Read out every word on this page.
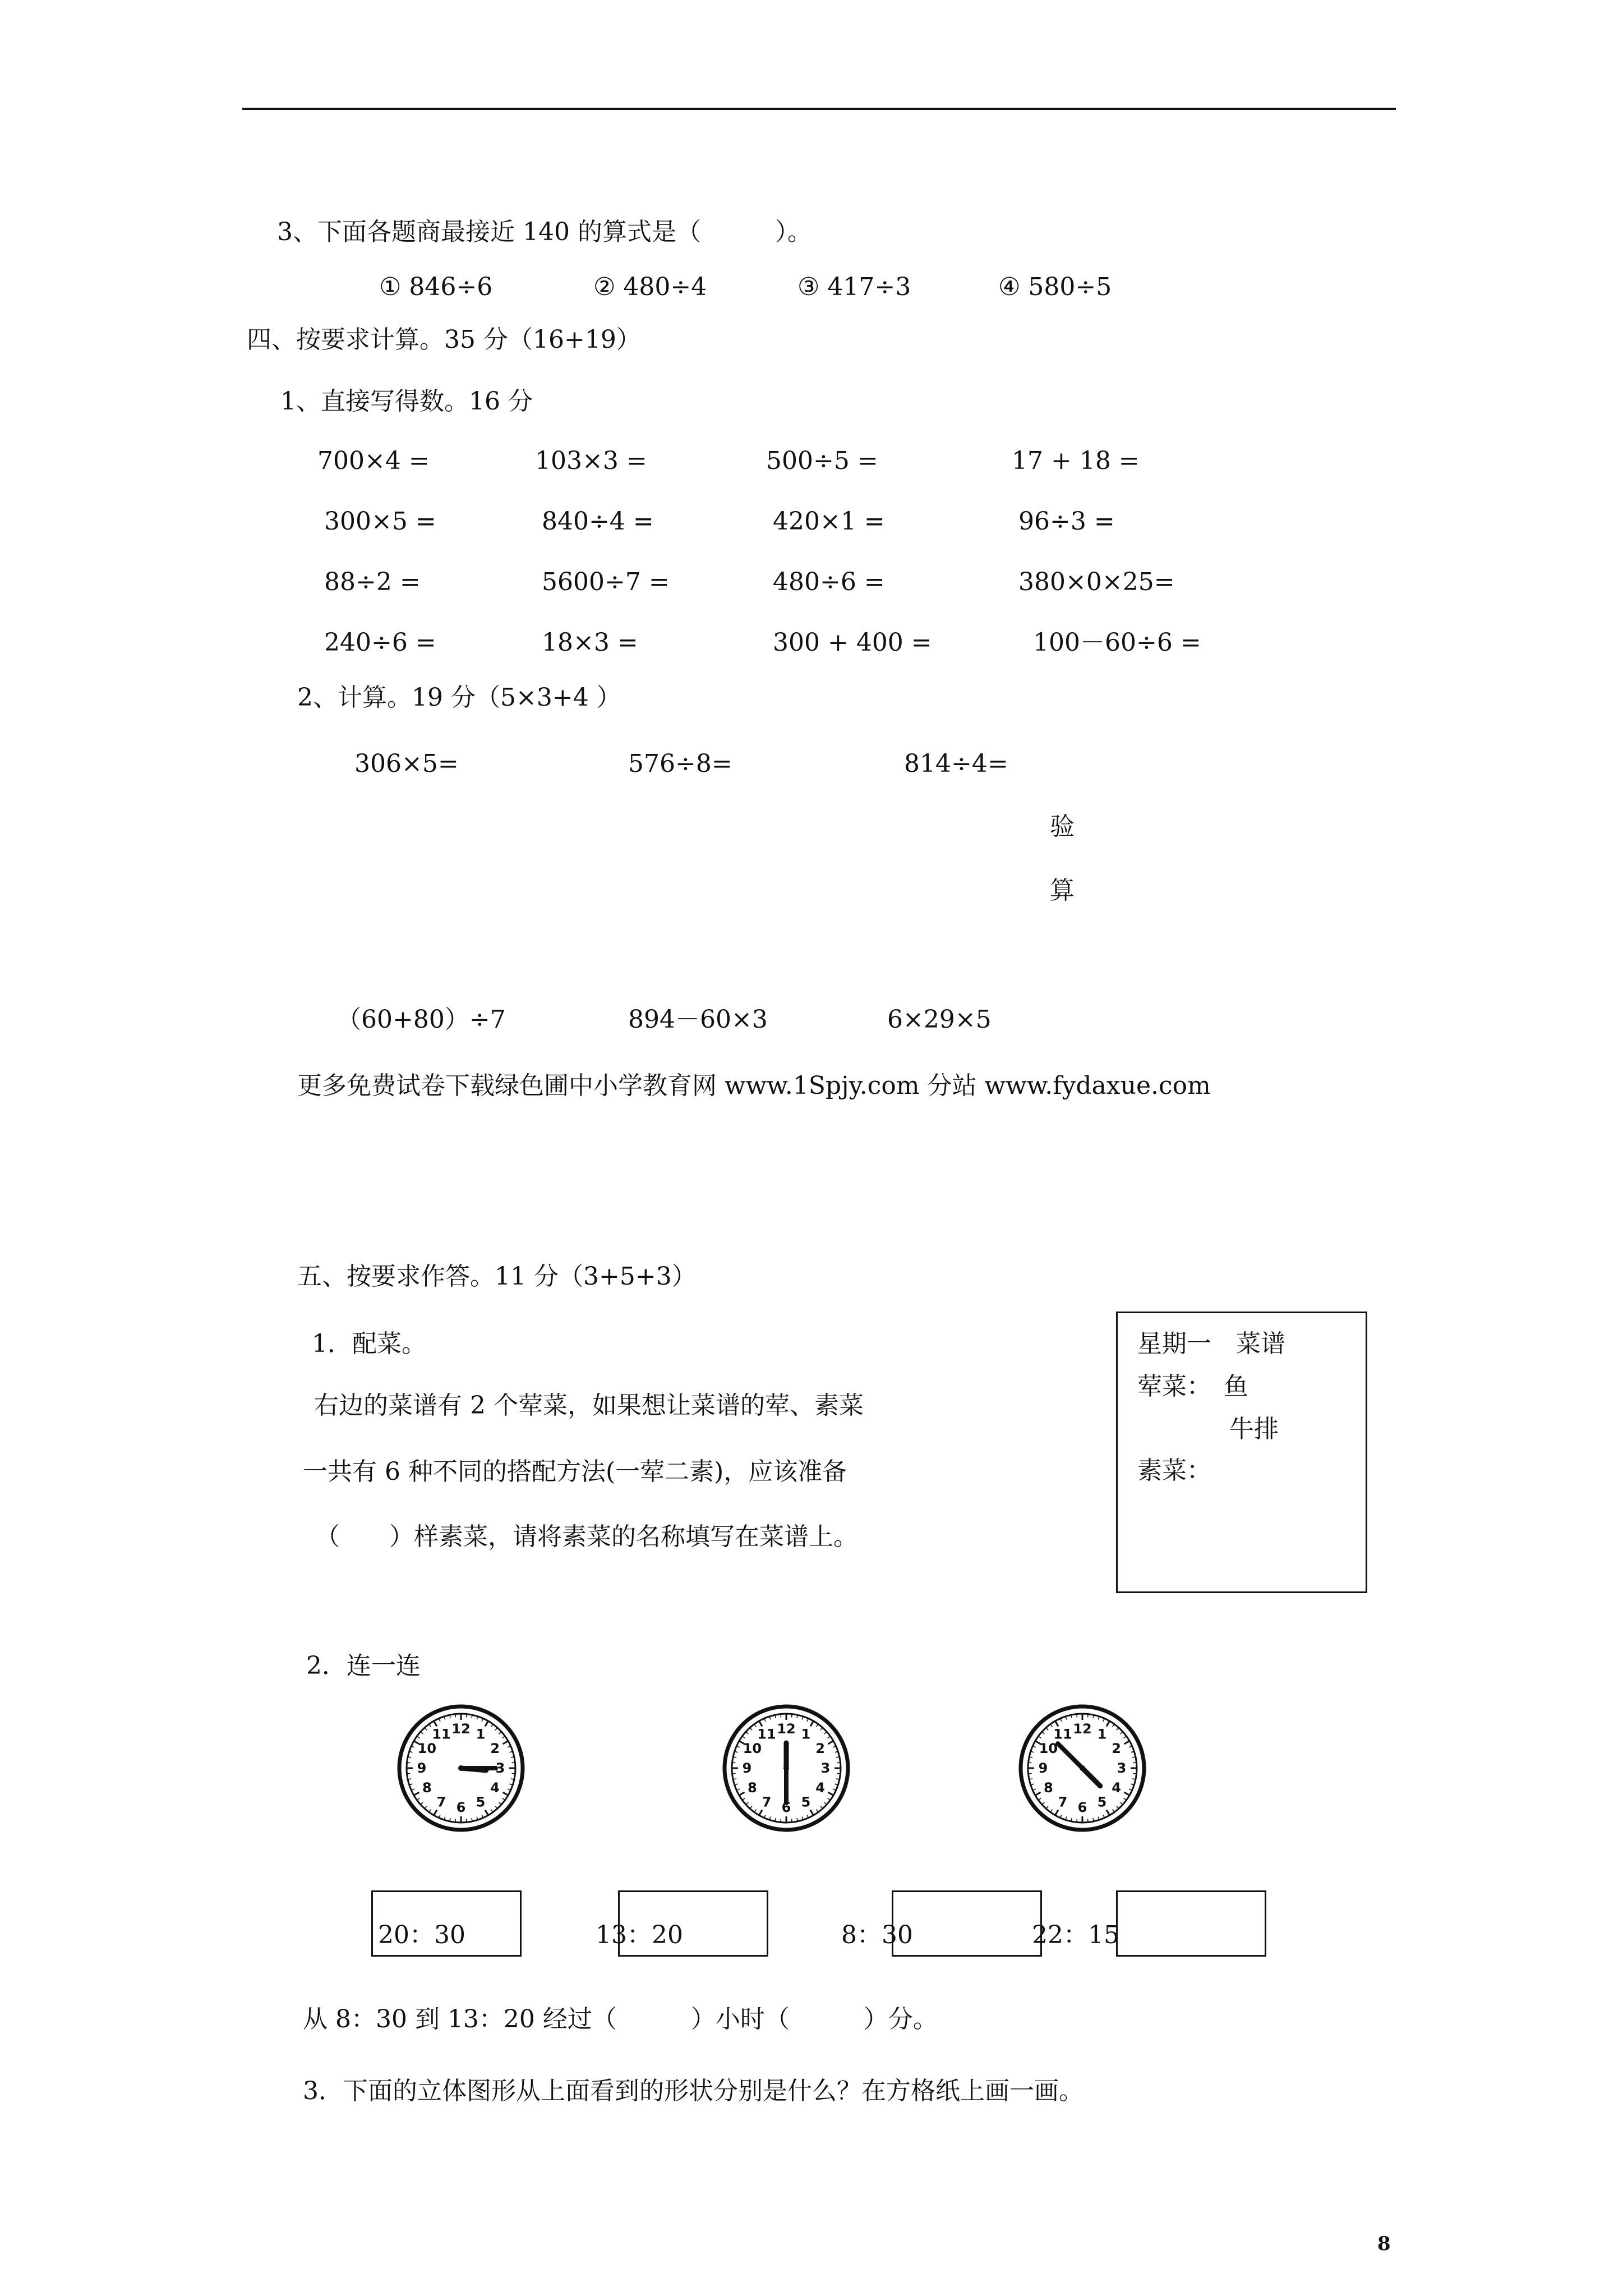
3、下面各题商最接近 140 的算式是（　　　）。
① 846÷6	② 480÷4	③ 417÷3	④ 580÷5
四、按要求计算。35 分（16+19）
1、直接写得数。16 分
700×4 =	103×3 =	500÷5 =	17 + 18 =
300×5 =	840÷4 =	420×1 =	96÷3 =
88÷2 =	5600÷7 =	480÷6 =	380×0×25=
240÷6 =	18×3 =	300 + 400 =	100－60÷6 =
2、计算。19 分（5×3+4 ）
306×5=	576÷8=	814÷4=
验
算
（60+80）÷7	894－60×3	6×29×5
更多免费试卷下载绿色圃中小学教育网 www.1Spjy.com 分站 www.fydaxue.com
五、按要求作答。11 分（3+5+3）
1．配菜。
右边的菜谱有 2 个荤菜，如果想让菜谱的荤、素菜
一共有 6 种不同的搭配方法(一荤二素)，应该准备
（　　）样素菜，请将素菜的名称填写在菜谱上。
星期一　菜谱
荤菜：　鱼
牛排
素菜：
2．连一连
12 1
2
3
4
5
6
7
8
9
10
11	12 1
2
3
4
5
6
7
8
9
10
11	12 1
2
3
4
5
6
7
8
9
10
11
20：30	13：20	8：30	22：15
从 8：30 到 13：20 经过（　　　）小时（　　　）分。
3．下面的立体图形从上面看到的形状分别是什么？在方格纸上画一画。
8
